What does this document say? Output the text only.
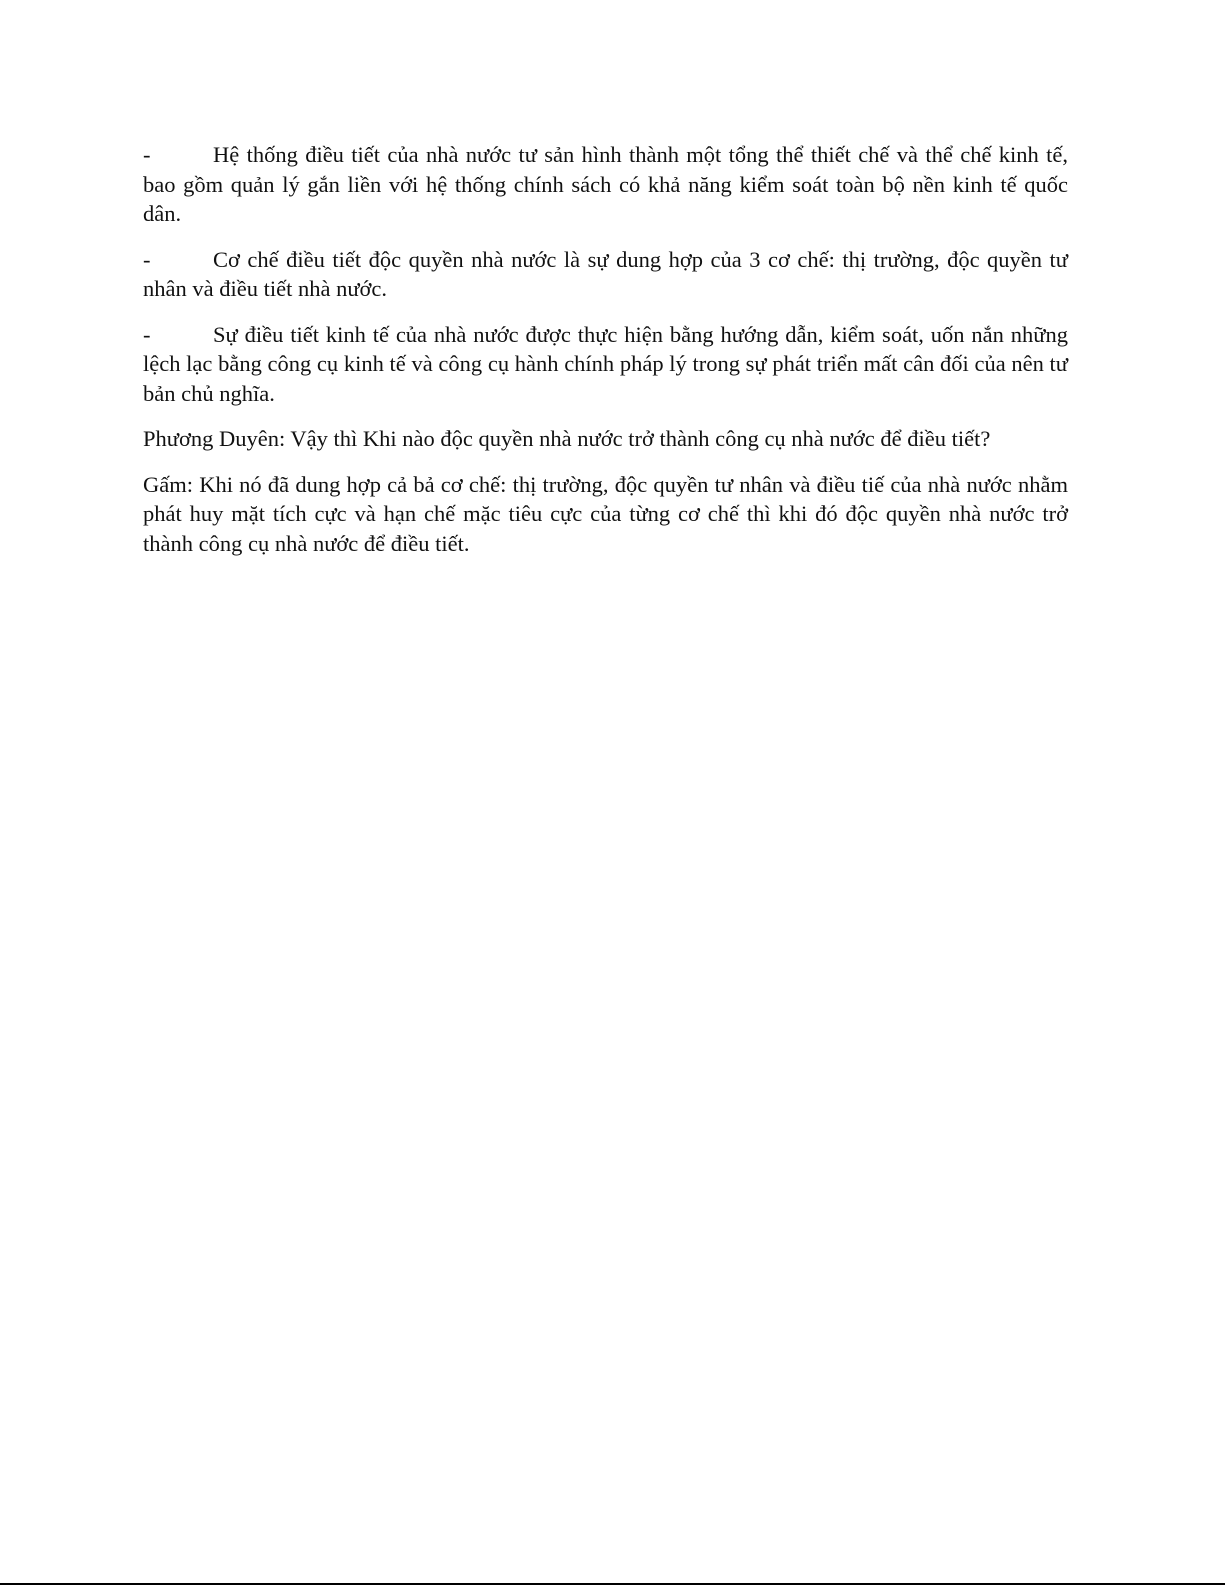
-	Hệ thống điều tiết của nhà nước tư sản hình thành một tổng thể thiết chế và thể chế kinh tế, bao gồm quản lý gắn liền với hệ thống chính sách có khả năng kiểm soát toàn bộ nền kinh tế quốc dân.

-	Cơ chế điều tiết độc quyền nhà nước là sự dung hợp của 3 cơ chế: thị trường, độc quyền tư nhân và điều tiết nhà nước.

-	Sự điều tiết kinh tế của nhà nước được thực hiện bằng hướng dẫn, kiểm soát, uốn nắn những lệch lạc bằng công cụ kinh tế và công cụ hành chính pháp lý trong sự phát triển mất cân đối của nên tư bản chủ nghĩa.

Phương Duyên: Vậy thì Khi nào độc quyền nhà nước trở thành công cụ nhà nước để điều tiết?

Gấm: Khi nó đã dung hợp cả bả cơ chế: thị trường, độc quyền tư nhân và điều tiế của nhà nước nhằm phát huy mặt tích cực và hạn chế mặc tiêu cực của từng cơ chế thì khi đó độc quyền nhà nước trở thành công cụ nhà nước để điều tiết.
